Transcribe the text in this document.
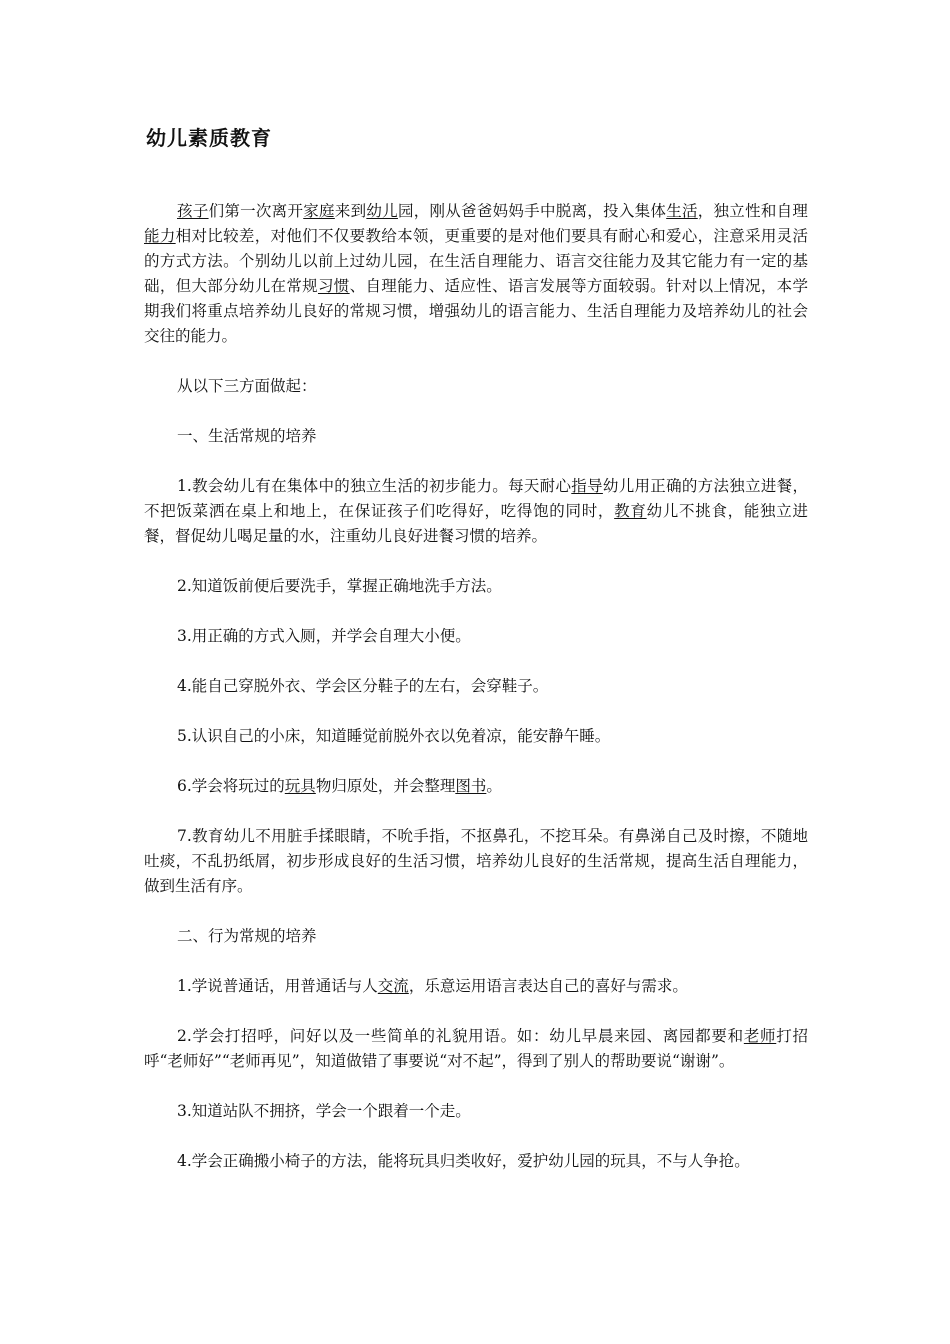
幼儿素质教育

孩子们第一次离开家庭来到幼儿园，刚从爸爸妈妈手中脱离，投入集体生活，独立性和自理能力相对比较差，对他们不仅要教给本领，更重要的是对他们要具有耐心和爱心，注意采用灵活的方式方法。个别幼儿以前上过幼儿园，在生活自理能力、语言交往能力及其它能力有一定的基础，但大部分幼儿在常规习惯、自理能力、适应性、语言发展等方面较弱。针对以上情况，本学期我们将重点培养幼儿良好的常规习惯，增强幼儿的语言能力、生活自理能力及培养幼儿的社会交往的能力。

从以下三方面做起：

一、生活常规的培养

1.教会幼儿有在集体中的独立生活的初步能力。每天耐心指导幼儿用正确的方法独立进餐，不把饭菜洒在桌上和地上，在保证孩子们吃得好，吃得饱的同时，教育幼儿不挑食，能独立进餐，督促幼儿喝足量的水，注重幼儿良好进餐习惯的培养。

2.知道饭前便后要洗手，掌握正确地洗手方法。

3.用正确的方式入厕，并学会自理大小便。

4.能自己穿脱外衣、学会区分鞋子的左右，会穿鞋子。

5.认识自己的小床，知道睡觉前脱外衣以免着凉，能安静午睡。

6.学会将玩过的玩具物归原处，并会整理图书。

7.教育幼儿不用脏手揉眼睛，不吮手指，不抠鼻孔，不挖耳朵。有鼻涕自己及时擦，不随地吐痰，不乱扔纸屑，初步形成良好的生活习惯，培养幼儿良好的生活常规，提高生活自理能力，做到生活有序。

二、行为常规的培养

1.学说普通话，用普通话与人交流，乐意运用语言表达自己的喜好与需求。

2.学会打招呼，问好以及一些简单的礼貌用语。如：幼儿早晨来园、离园都要和老师打招呼“老师好”“老师再见”，知道做错了事要说“对不起”，得到了别人的帮助要说“谢谢”。

3.知道站队不拥挤，学会一个跟着一个走。

4.学会正确搬小椅子的方法，能将玩具归类收好，爱护幼儿园的玩具，不与人争抢。
